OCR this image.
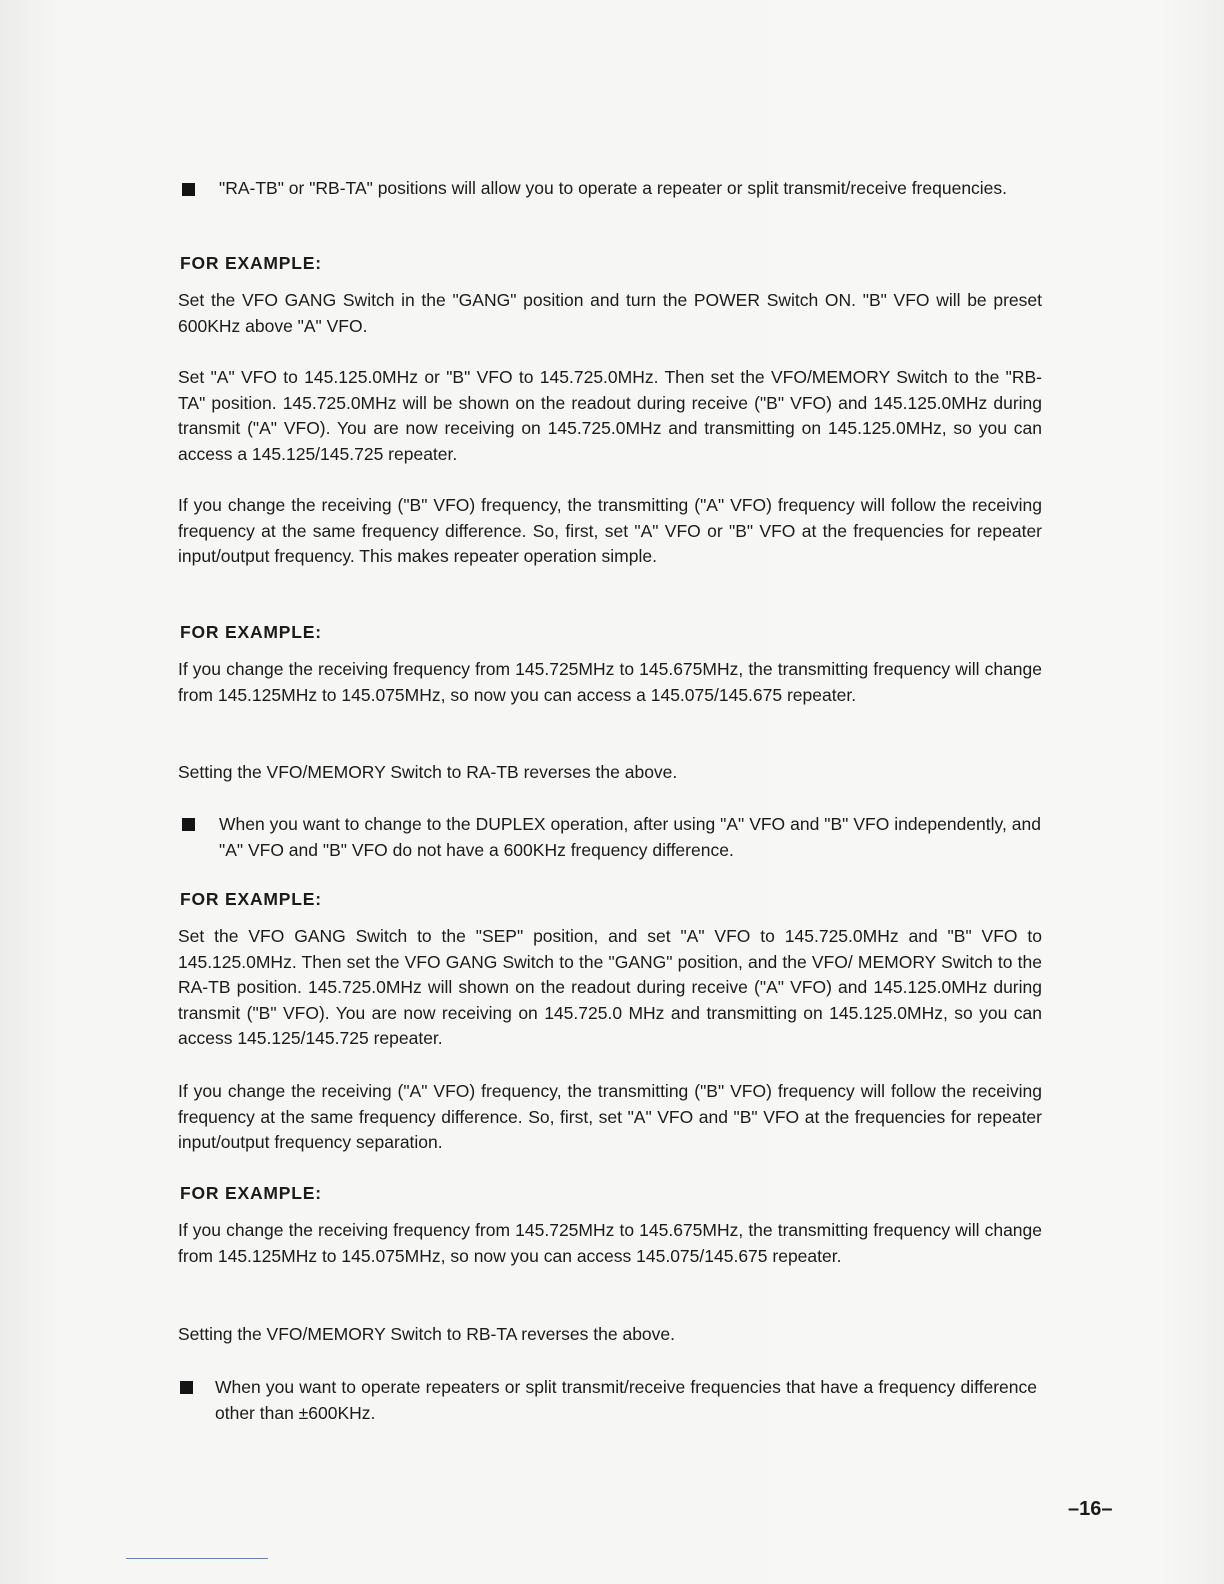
"RA-TB" or "RB-TA" positions will allow you to operate a repeater or split transmit/receive frequencies.
FOR EXAMPLE:
Set the VFO GANG Switch in the "GANG" position and turn the POWER Switch ON. "B" VFO will be preset 600KHz above "A" VFO.
Set "A" VFO to 145.125.0MHz or "B" VFO to 145.725.0MHz. Then set the VFO/MEMORY Switch to the "RB-TA" position. 145.725.0MHz will be shown on the readout during receive ("B" VFO) and 145.125.0MHz during transmit ("A" VFO). You are now receiving on 145.725.0MHz and transmitting on 145.125.0MHz, so you can access a 145.125/145.725 repeater.
If you change the receiving ("B" VFO) frequency, the transmitting ("A" VFO) frequency will follow the receiving frequency at the same frequency difference. So, first, set "A" VFO or "B" VFO at the frequencies for repeater input/output frequency. This makes repeater operation simple.
FOR EXAMPLE:
If you change the receiving frequency from 145.725MHz to 145.675MHz, the transmitting frequency will change from 145.125MHz to 145.075MHz, so now you can access a 145.075/145.675 repeater.
Setting the VFO/MEMORY Switch to RA-TB reverses the above.
When you want to change to the DUPLEX operation, after using "A" VFO and "B" VFO independently, and "A" VFO and "B" VFO do not have a 600KHz frequency difference.
FOR EXAMPLE:
Set the VFO GANG Switch to the "SEP" position, and set "A" VFO to 145.725.0MHz and "B" VFO to 145.125.0MHz. Then set the VFO GANG Switch to the "GANG" position, and the VFO/ MEMORY Switch to the RA-TB position. 145.725.0MHz will shown on the readout during receive ("A" VFO) and 145.125.0MHz during transmit ("B" VFO). You are now receiving on 145.725.0 MHz and transmitting on 145.125.0MHz, so you can access 145.125/145.725 repeater.
If you change the receiving ("A" VFO) frequency, the transmitting ("B" VFO) frequency will follow the receiving frequency at the same frequency difference. So, first, set "A" VFO and "B" VFO at the frequencies for repeater input/output frequency separation.
FOR EXAMPLE:
If you change the receiving frequency from 145.725MHz to 145.675MHz, the transmitting frequency will change from 145.125MHz to 145.075MHz, so now you can access 145.075/145.675 repeater.
Setting the VFO/MEMORY Switch to RB-TA reverses the above.
When you want to operate repeaters or split transmit/receive frequencies that have a frequency difference other than ±600KHz.
–16–
